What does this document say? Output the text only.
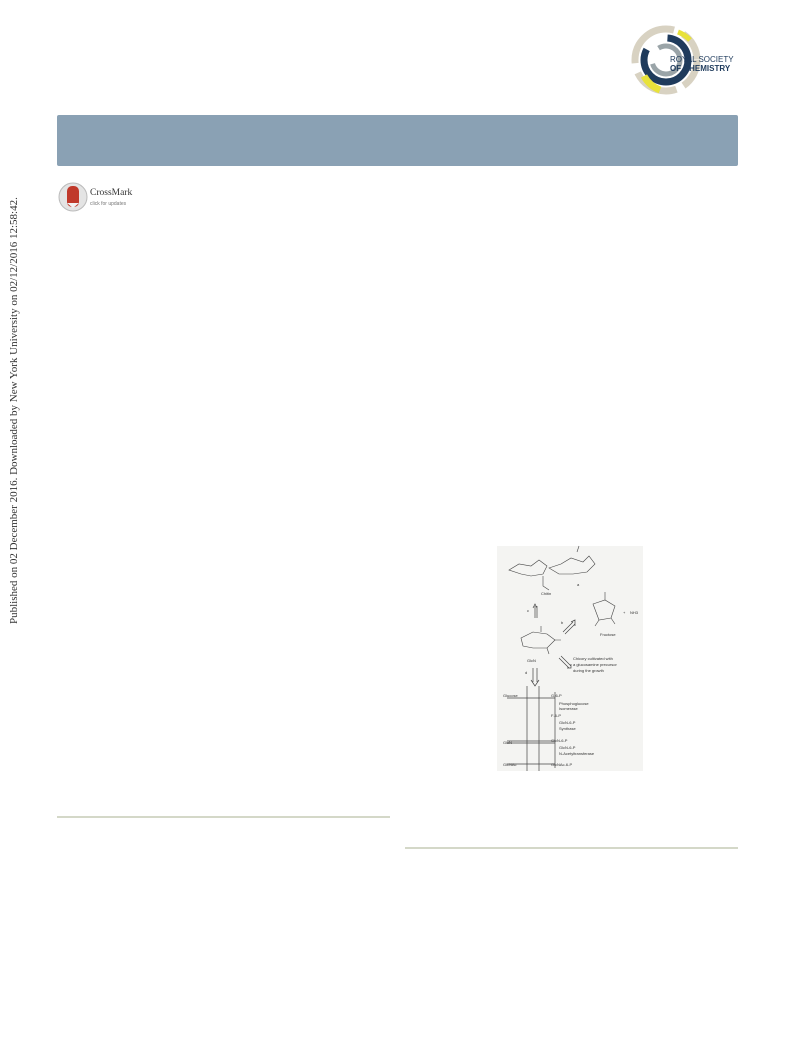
Published on 02 December 2016. Downloaded by New York University on 02/12/2016 12:58:42.
ROYAL SOCIETY
OF CHEMISTRY
CrossMark
click for updates
Chitin
a
c
Fructose
+ NH3
b
GlcN
d
Chicory cultivated with
a glucosamine precursor
during the growth
Glucose	G-6-P
Phosphoglucose
Isomerase
F-6-P
GlcN-6-P
Synthase
GlcN	GlcN-6-P
GlcN-6-P
N-Acetyltransferase
GlcNAc	GlcNAc-6-P
